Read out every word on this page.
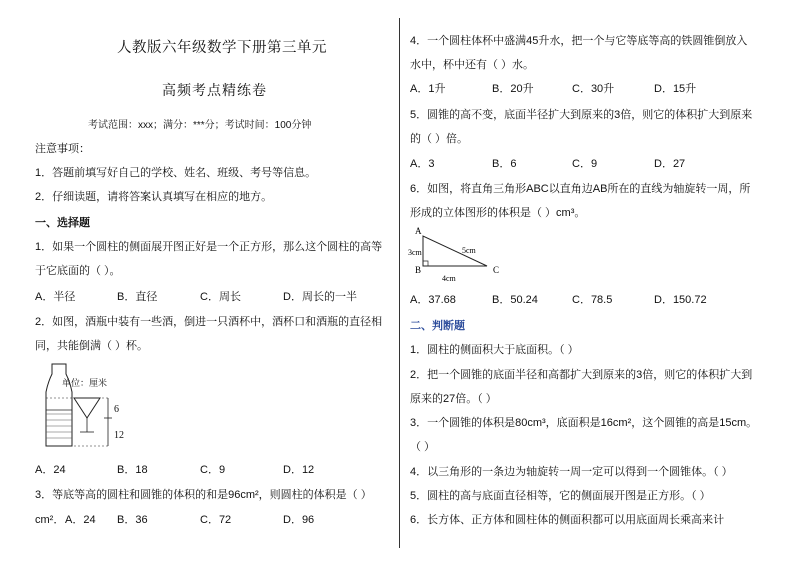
人教版六年级数学下册第三单元
高频考点精练卷
考试范围：xxx；满分：***分；考试时间：100分钟
注意事项：
1．答题前填写好自己的学校、姓名、班级、考号等信息。
2．仔细读题，请将答案认真填写在相应的地方。
一、选择题
1．如果一个圆柱的侧面展开图正好是一个正方形，那么这个圆柱的高等
于它底面的（ ）。
A．半径	B．直径	C．周长	D．周长的一半
2．如图，酒瓶中装有一些酒，倒进一只酒杯中，酒杯口和酒瓶的直径相
同，共能倒满（ ）杯。
单位：厘米
6
12
A．24	B．18	C．9	D．12
3．等底等高的圆柱和圆锥的体积的和是96cm²，则圆柱的体积是（ ）
cm²． A．24 B．36	C．72	D．96
4．一个圆柱体杯中盛满45升水，把一个与它等底等高的铁圆锥倒放入
水中，杯中还有（ ）水。
A．1升	B．20升	C．30升	D．15升
5．圆锥的高不变，底面半径扩大到原来的3倍，则它的体积扩大到原来
的（ ）倍。
A．3	B．6	C．9	D．27
6．如图，将直角三角形ABC以直角边AB所在的直线为轴旋转一周，所
形成的立体图形的体积是（ ）cm³。
A
B	C
3cm	5cm
4cm
A．37.68	B．50.24	C．78.5	D．150.72
二、判断题
1．圆柱的侧面积大于底面积。（ ）
2．把一个圆锥的底面半径和高都扩大到原来的3倍，则它的体积扩大到
原来的27倍。（ ）
3．一个圆锥的体积是80cm³，底面积是16cm²，这个圆锥的高是15cm。
（ ）
4．以三角形的一条边为轴旋转一周一定可以得到一个圆锥体。（ ）
5．圆柱的高与底面直径相等，它的侧面展开图是正方形。（ ）
6．长方体、正方体和圆柱体的侧面积都可以用底面周长乘高来计
